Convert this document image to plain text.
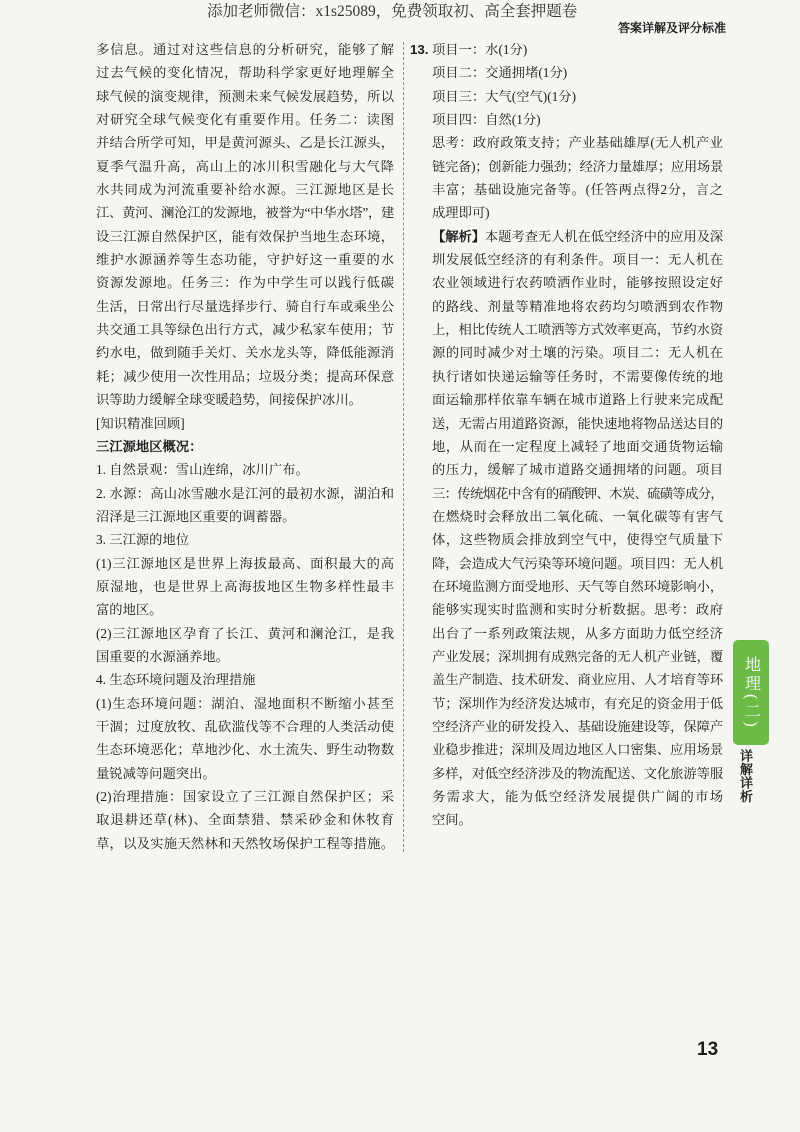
添加老师微信：x1s25089，免费领取初、高全套押题卷
答案详解及评分标准
多信息。通过对这些信息的分析研究，能够了解
过去气候的变化情况，帮助科学家更好地理解全
球气候的演变规律，预测未来气候发展趋势，所以
对研究全球气候变化有重要作用。任务二：读图
并结合所学可知，甲是黄河源头、乙是长江源头，
夏季气温升高，高山上的冰川积雪融化与大气降
水共同成为河流重要补给水源。三江源地区是长
江、黄河、澜沧江的发源地，被誉为“中华水塔”，建
设三江源自然保护区，能有效保护当地生态环境，
维护水源涵养等生态功能，守护好这一重要的水
资源发源地。任务三：作为中学生可以践行低碳
生活，日常出行尽量选择步行、骑自行车或乘坐公
共交通工具等绿色出行方式，减少私家车使用；节
约水电，做到随手关灯、关水龙头等，降低能源消
耗；减少使用一次性用品；垃圾分类；提高环保意
识等助力缓解全球变暖趋势，间接保护冰川。
[知识精准回顾]
三江源地区概况：
1. 自然景观：雪山连绵，冰川广布。
2. 水源：高山冰雪融水是江河的最初水源，湖泊和
沼泽是三江源地区重要的调蓄器。
3. 三江源的地位
(1)三江源地区是世界上海拔最高、面积最大的高
原湿地，也是世界上高海拔地区生物多样性最丰
富的地区。
(2)三江源地区孕育了长江、黄河和澜沧江，是我
国重要的水源涵养地。
4. 生态环境问题及治理措施
(1)生态环境问题：湖泊、湿地面积不断缩小甚至
干涸；过度放牧、乱砍滥伐等不合理的人类活动使
生态环境恶化；草地沙化、水土流失、野生动物数
量锐减等问题突出。
(2)治理措施：国家设立了三江源自然保护区；采
取退耕还草(林)、全面禁猎、禁采砂金和休牧育
草，以及实施天然林和天然牧场保护工程等措施。
13. 项目一：水(1分)
项目二：交通拥堵(1分)
项目三：大气(空气)(1分)
项目四：自然(1分)
思考：政府政策支持；产业基础雄厚(无人机产业
链完备)；创新能力强劲；经济力量雄厚；应用场景
丰富；基础设施完备等。(任答两点得2分，言之
成理即可)
【解析】本题考查无人机在低空经济中的应用及深
圳发展低空经济的有利条件。项目一：无人机在
农业领域进行农药喷洒作业时，能够按照设定好
的路线、剂量等精准地将农药均匀喷洒到农作物
上，相比传统人工喷洒等方式效率更高，节约水资
源的同时减少对土壤的污染。项目二：无人机在
执行诸如快递运输等任务时，不需要像传统的地
面运输那样依靠车辆在城市道路上行驶来完成配
送，无需占用道路资源，能快速地将物品送达目的
地，从而在一定程度上减轻了地面交通货物运输
的压力，缓解了城市道路交通拥堵的问题。项目
三：传统烟花中含有的硝酸钾、木炭、硫磺等成分，
在燃烧时会释放出二氧化硫、一氧化碳等有害气
体，这些物质会排放到空气中，使得空气质量下
降，会造成大气污染等环境问题。项目四：无人机
在环境监测方面受地形、天气等自然环境影响小，
能够实现实时监测和实时分析数据。思考：政府
出台了一系列政策法规，从多方面助力低空经济
产业发展；深圳拥有成熟完备的无人机产业链，覆
盖生产制造、技术研发、商业应用、人才培育等环
节；深圳作为经济发达城市，有充足的资金用于低
空经济产业的研发投入、基础设施建设等，保障产
业稳步推进；深圳及周边地区人口密集、应用场景
多样，对低空经济涉及的物流配送、文化旅游等服
务需求大，能为低空经济发展提供广阔的市场
空间。
地理(二)
详解详析
13
